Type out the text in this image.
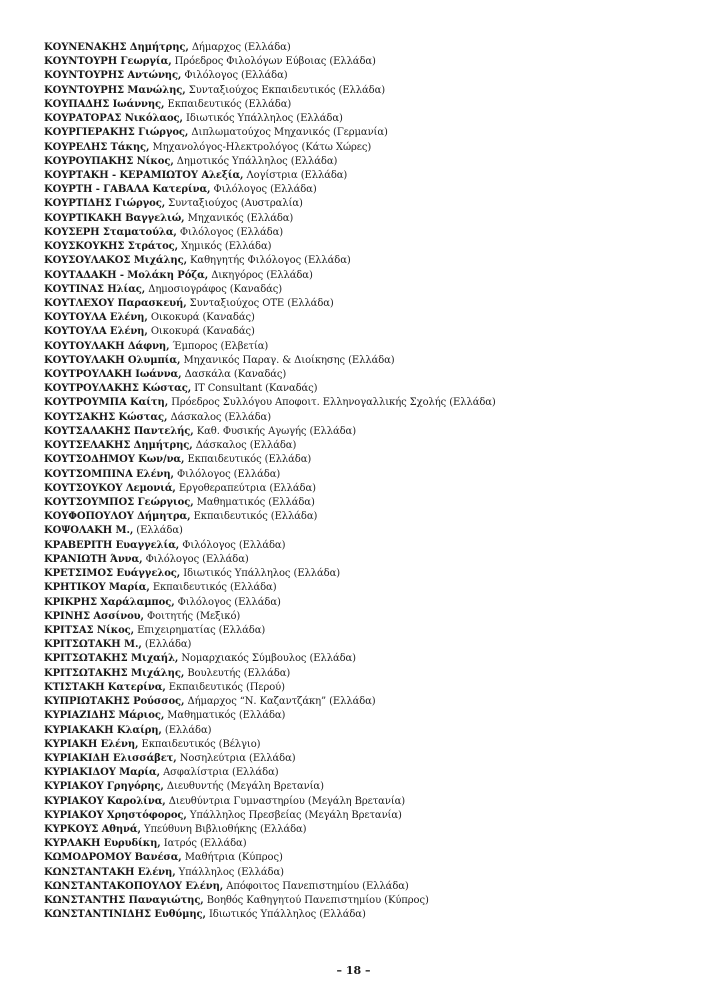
ΚΟΥΝΕΝΑΚΗΣ Δημήτρης, Δήμαρχος (Ελλάδα)
ΚΟΥΝΤΟΥΡΗ Γεωργία, Πρόεδρος Φιλολόγων Εύβοιας (Ελλάδα)
ΚΟΥΝΤΟΥΡΗΣ Αντώνης, Φιλόλογος (Ελλάδα)
ΚΟΥΝΤΟΥΡΗΣ Μανώλης, Συνταξιούχος Εκπαιδευτικός (Ελλάδα)
ΚΟΥΠΑΔΗΣ Ιωάννης, Εκπαιδευτικός (Ελλάδα)
ΚΟΥΡΑΤΟΡΑΣ Νικόλαος, Ιδιωτικός Υπάλληλος (Ελλάδα)
ΚΟΥΡΓΙΕΡΑΚΗΣ Γιώργος, Διπλωματούχος Μηχανικός (Γερμανία)
ΚΟΥΡΕΛΗΣ Τάκης, Μηχανολόγος-Ηλεκτρολόγος (Κάτω Χώρες)
ΚΟΥΡΟΥΠΑΚΗΣ Νίκος, Δημοτικός Υπάλληλος (Ελλάδα)
ΚΟΥΡΤΑΚΗ - ΚΕΡΑΜΙΩΤΟΥ Αλεξία, Λογίστρια (Ελλάδα)
ΚΟΥΡΤΗ - ΓΑΒΑΛΑ Κατερίνα, Φιλόλογος (Ελλάδα)
ΚΟΥΡΤΙΔΗΣ Γιώργος, Συνταξιούχος (Αυστραλία)
ΚΟΥΡΤΙΚΑΚΗ Βαγγελιώ, Μηχανικός (Ελλάδα)
ΚΟΥΣΕΡΗ Σταματούλα, Φιλόλογος (Ελλάδα)
ΚΟΥΣΚΟΥΚΗΣ Στράτος, Χημικός (Ελλάδα)
ΚΟΥΣΟΥΛΑΚΟΣ Μιχάλης, Καθηγητής Φιλόλογος (Ελλάδα)
ΚΟΥΤΑΔΑΚΗ - Μολάκη Ρόζα, Δικηγόρος (Ελλάδα)
ΚΟΥΤΙΝΑΣ Ηλίας, Δημοσιογράφος (Καναδάς)
ΚΟΥΤΛΕΧΟΥ Παρασκευή, Συνταξιούχος ΟΤΕ (Ελλάδα)
ΚΟΥΤΟΥΛΑ Ελένη, Οικοκυρά (Καναδάς)
ΚΟΥΤΟΥΛΑ Ελένη, Οικοκυρά (Καναδάς)
ΚΟΥΤΟΥΛΑΚΗ Δάφνη, Έμπορος (Ελβετία)
ΚΟΥΤΟΥΛΑΚΗ Ολυμπία, Μηχανικός Παραγ. & Διοίκησης (Ελλάδα)
ΚΟΥΤΡΟΥΛΑΚΗ Ιωάννα, Δασκάλα (Καναδάς)
ΚΟΥΤΡΟΥΛΑΚΗΣ Κώστας, IT Consultant (Καναδάς)
ΚΟΥΤΡΟΥΜΠΑ Καίτη, Πρόεδρος Συλλόγου Αποφοιτ. Ελληνογαλλικής Σχολής (Ελλάδα)
ΚΟΥΤΣΑΚΗΣ Κώστας, Δάσκαλος (Ελλάδα)
ΚΟΥΤΣΑΛΑΚΗΣ Παντελής, Καθ. Φυσικής Αγωγής (Ελλάδα)
ΚΟΥΤΣΕΛΑΚΗΣ Δημήτρης, Δάσκαλος (Ελλάδα)
ΚΟΥΤΣΟΔΗΜΟΥ Κων/να, Εκπαιδευτικός (Ελλάδα)
ΚΟΥΤΣΟΜΠΙΝΑ Ελένη, Φιλόλογος (Ελλάδα)
ΚΟΥΤΣΟΥΚΟΥ Λεμονιά, Εργοθεραπεύτρια (Ελλάδα)
ΚΟΥΤΣΟΥΜΠΟΣ Γεώργιος, Μαθηματικός (Ελλάδα)
ΚΟΥΦΟΠΟΥΛΟΥ Δήμητρα, Εκπαιδευτικός (Ελλάδα)
ΚΟΨΟΛΑΚΗ Μ., (Ελλάδα)
ΚΡΑΒΕΡΙΤΗ Ευαγγελία, Φιλόλογος (Ελλάδα)
ΚΡΑΝΙΩΤΗ Άννα, Φιλόλογος (Ελλάδα)
ΚΡΕΤΣΙΜΟΣ Ευάγγελος, Ιδιωτικός Υπάλληλος (Ελλάδα)
ΚΡΗΤΙΚΟΥ Μαρία, Εκπαιδευτικός (Ελλάδα)
ΚΡΙΚΡΗΣ Χαράλαμπος, Φιλόλογος (Ελλάδα)
ΚΡΙΝΗΣ Ασσίνου, Φοιτητής (Μεξικό)
ΚΡΙΤΣΑΣ Νίκος, Επιχειρηματίας (Ελλάδα)
ΚΡΙΤΣΩΤΑΚΗ Μ., (Ελλάδα)
ΚΡΙΤΣΩΤΑΚΗΣ Μιχαήλ, Νομαρχιακός Σύμβουλος (Ελλάδα)
ΚΡΙΤΣΩΤΑΚΗΣ Μιχάλης, Βουλευτής (Ελλάδα)
ΚΤΙΣΤΑΚΗ Κατερίνα, Εκπαιδευτικός (Περού)
ΚΥΠΡΙΩΤΑΚΗΣ Ρούσσος, Δήμαρχος “Ν. Καζαντζάκη” (Ελλάδα)
ΚΥΡΙΑΖΙΔΗΣ Μάριος, Μαθηματικός (Ελλάδα)
ΚΥΡΙΑΚΑΚΗ Κλαίρη, (Ελλάδα)
ΚΥΡΙΑΚΗ Ελένη, Εκπαιδευτικός (Βέλγιο)
ΚΥΡΙΑΚΙΔΗ Ελισσάβετ, Νοσηλεύτρια (Ελλάδα)
ΚΥΡΙΑΚΙΔΟΥ Μαρία, Ασφαλίστρια (Ελλάδα)
ΚΥΡΙΑΚΟΥ Γρηγόρης, Διευθυντής (Μεγάλη Βρετανία)
ΚΥΡΙΑΚΟΥ Καρολίνα, Διευθύντρια Γυμναστηρίου (Μεγάλη Βρετανία)
ΚΥΡΙΑΚΟΥ Χρηστόφορος, Υπάλληλος Πρεσβείας (Μεγάλη Βρετανία)
ΚΥΡΚΟΥΣ Αθηνά, Υπεύθυνη Βιβλιοθήκης (Ελλάδα)
ΚΥΡΛΑΚΗ Ευρυδίκη, Ιατρός (Ελλάδα)
ΚΩΜΟΔΡΟΜΟΥ Βανέσα, Μαθήτρια (Κύπρος)
ΚΩΝΣΤΑΝΤΑΚΗ Ελένη, Υπάλληλος (Ελλάδα)
ΚΩΝΣΤΑΝΤΑΚΟΠΟΥΛΟΥ Ελένη, Απόφοιτος Πανεπιστημίου (Ελλάδα)
ΚΩΝΣΤΑΝΤΗΣ Παναγιώτης, Βοηθός Καθηγητού Πανεπιστημίου (Κύπρος)
ΚΩΝΣΤΑΝΤΙΝΙΔΗΣ Ευθύμης, Ιδιωτικός Υπάλληλος (Ελλάδα)
– 18 –
